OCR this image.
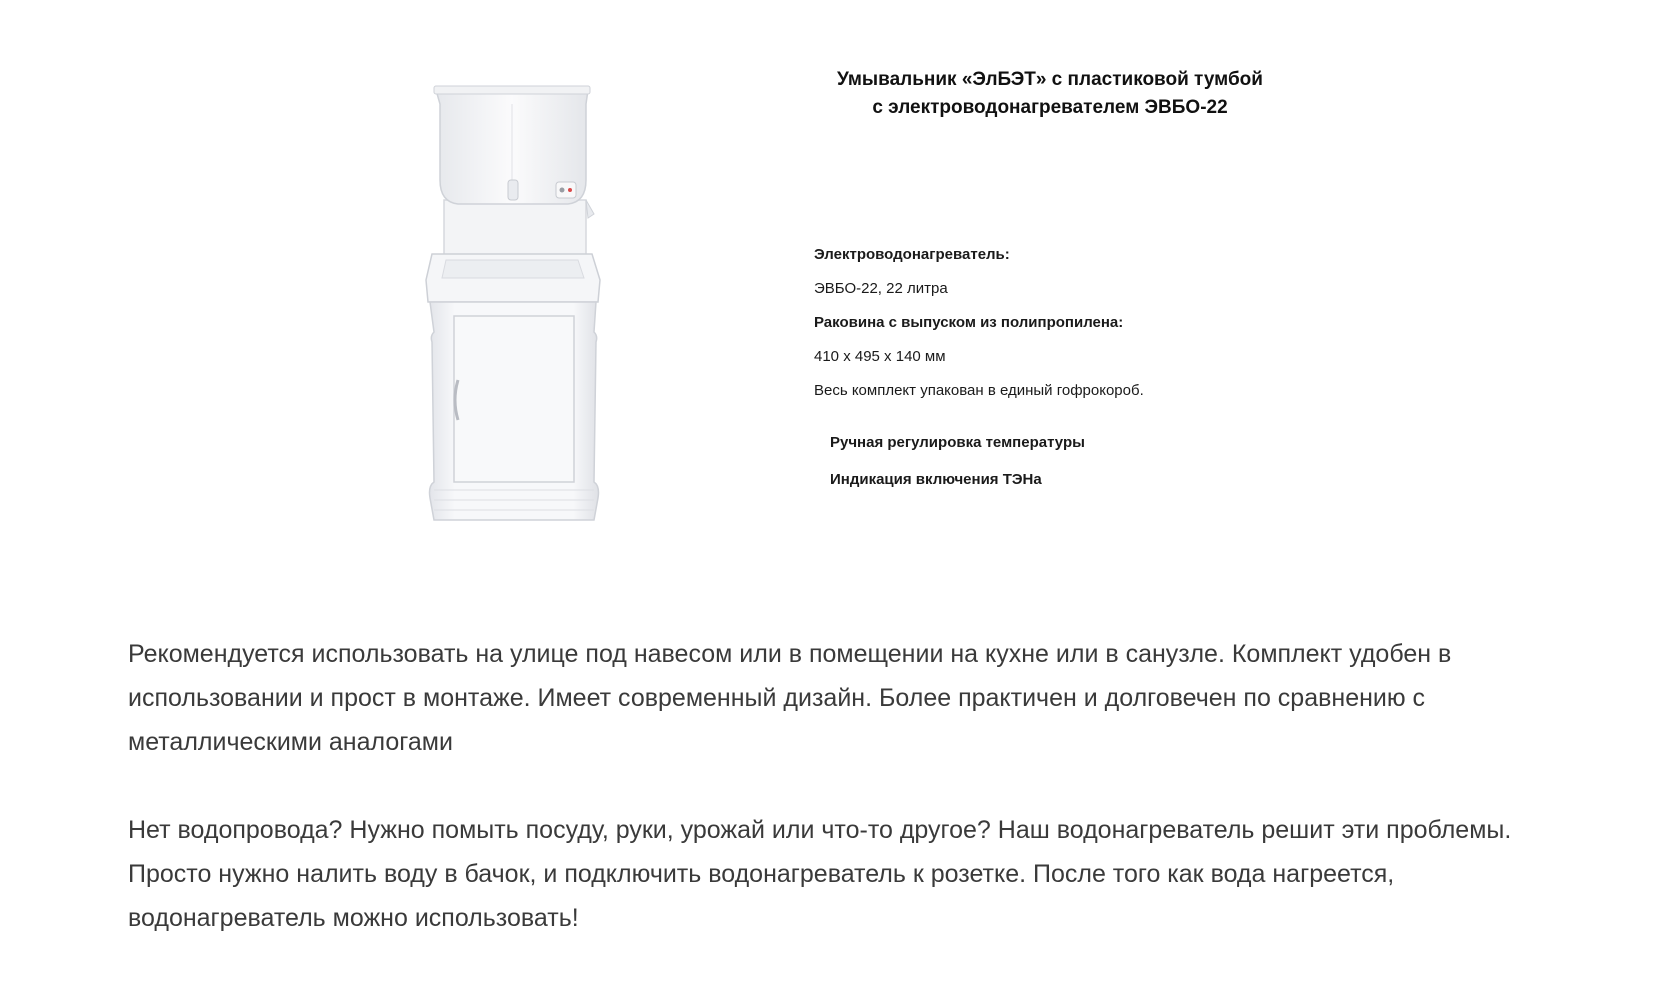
Умывальник «ЭлБЭТ» с пластиковой тумбой
с электроводонагревателем ЭВБО-22
Электроводонагреватель:
ЭВБО-22, 22 литра
Раковина с выпуском из полипропилена:
410 x 495 x 140 мм
Весь комплект упакован в единый гофрокороб.
Ручная регулировка температуры
Индикация включения ТЭНа
Рекомендуется использовать на улице под навесом или в помещении на кухне или в санузле. Комплект удобен в
использовании и прост в монтаже. Имеет современный дизайн. Более практичен и долговечен по сравнению с
металлическими аналогами
Нет водопровода? Нужно помыть посуду, руки, урожай или что-то другое? Наш водонагреватель решит эти проблемы.
Просто нужно налить воду в бачок, и подключить водонагреватель к розетке. После того как вода нагреется,
водонагреватель можно использовать!
